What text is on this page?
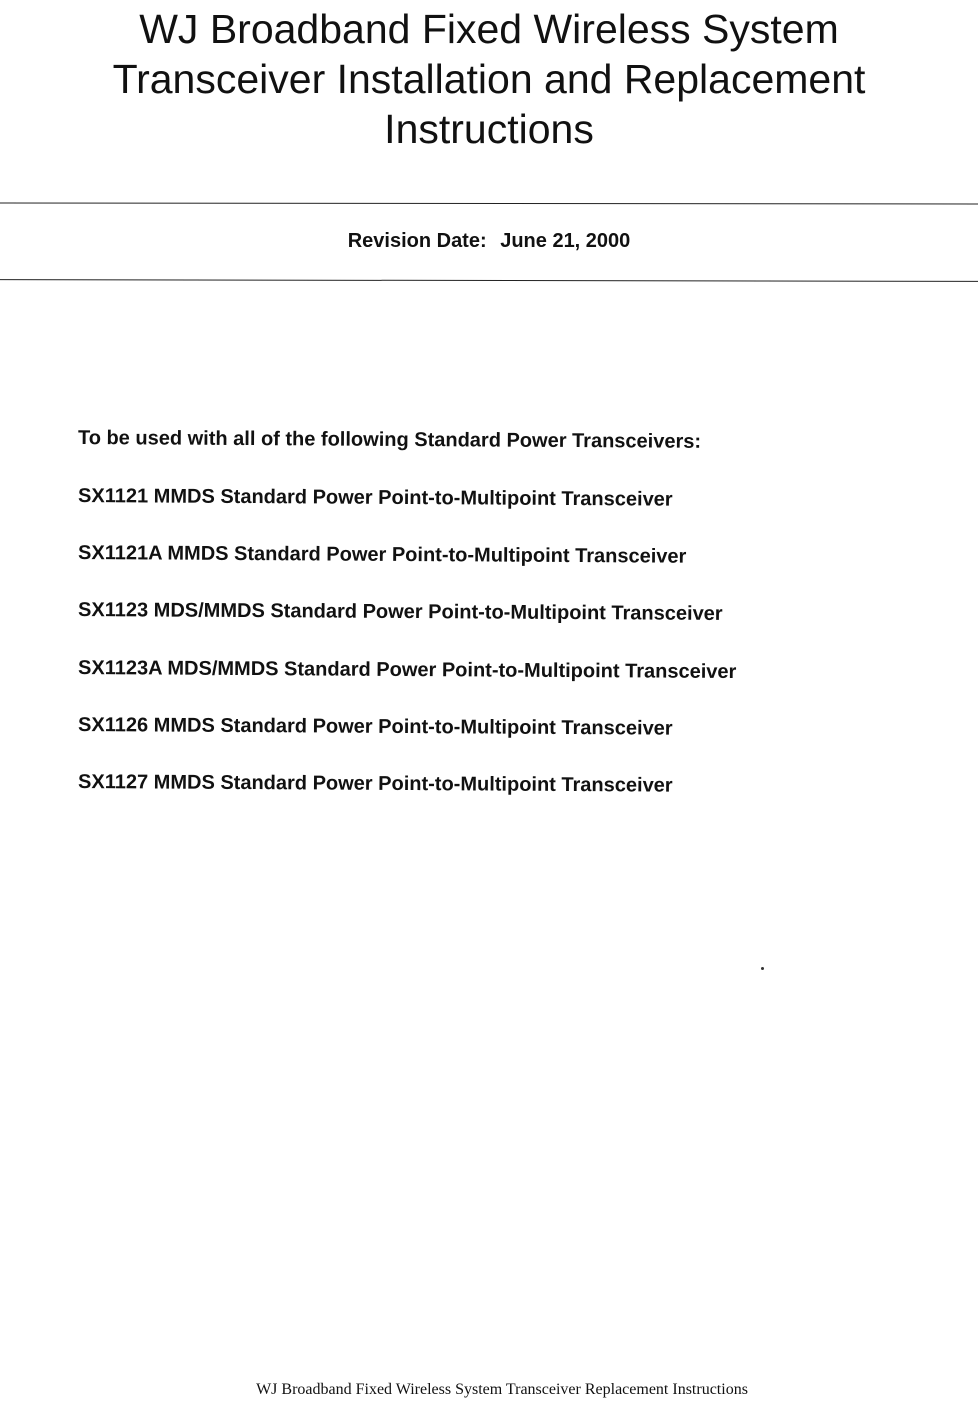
WJ Broadband Fixed Wireless System
Transceiver Installation and Replacement
Instructions
Revision Date: June 21, 2000
To be used with all of the following Standard Power Transceivers:
SX1121 MMDS Standard Power Point-to-Multipoint Transceiver
SX1121A MMDS Standard Power Point-to-Multipoint Transceiver
SX1123 MDS/MMDS Standard Power Point-to-Multipoint Transceiver
SX1123A MDS/MMDS Standard Power Point-to-Multipoint Transceiver
SX1126 MMDS Standard Power Point-to-Multipoint Transceiver
SX1127 MMDS Standard Power Point-to-Multipoint Transceiver
WJ Broadband Fixed Wireless System Transceiver Replacement Instructions
